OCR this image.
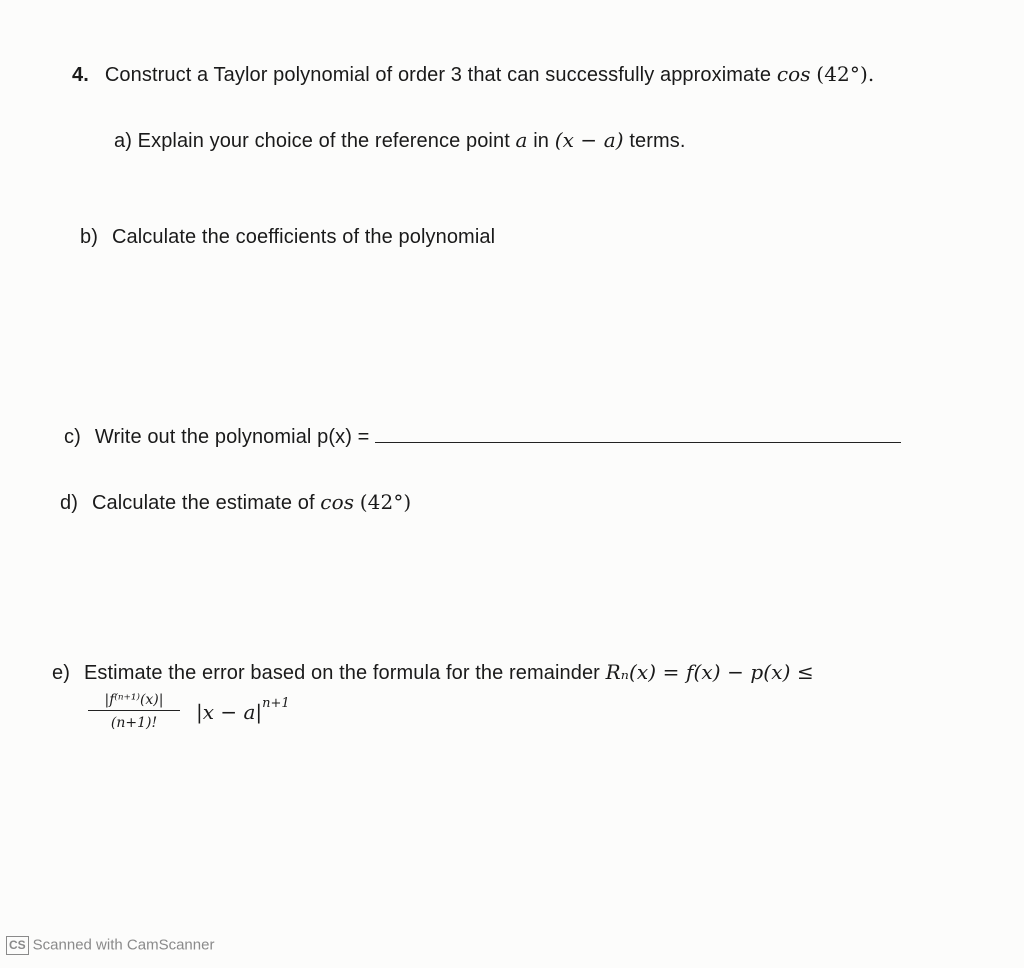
4. Construct a Taylor polynomial of order 3 that can successfully approximate cos (42°).
a) Explain your choice of the reference point a in (x − a) terms.
b) Calculate the coefficients of the polynomial
c) Write out the polynomial p(x) =
d) Calculate the estimate of cos (42°)
e) Estimate the error based on the formula for the remainder Rₙ(x) = f(x) − p(x) ≤
$\frac{\text{|f⁽ⁿ⁺¹⁾(x)|}}{(n+1)!} |x - a|^{n+1}$
CS Scanned with CamScanner
